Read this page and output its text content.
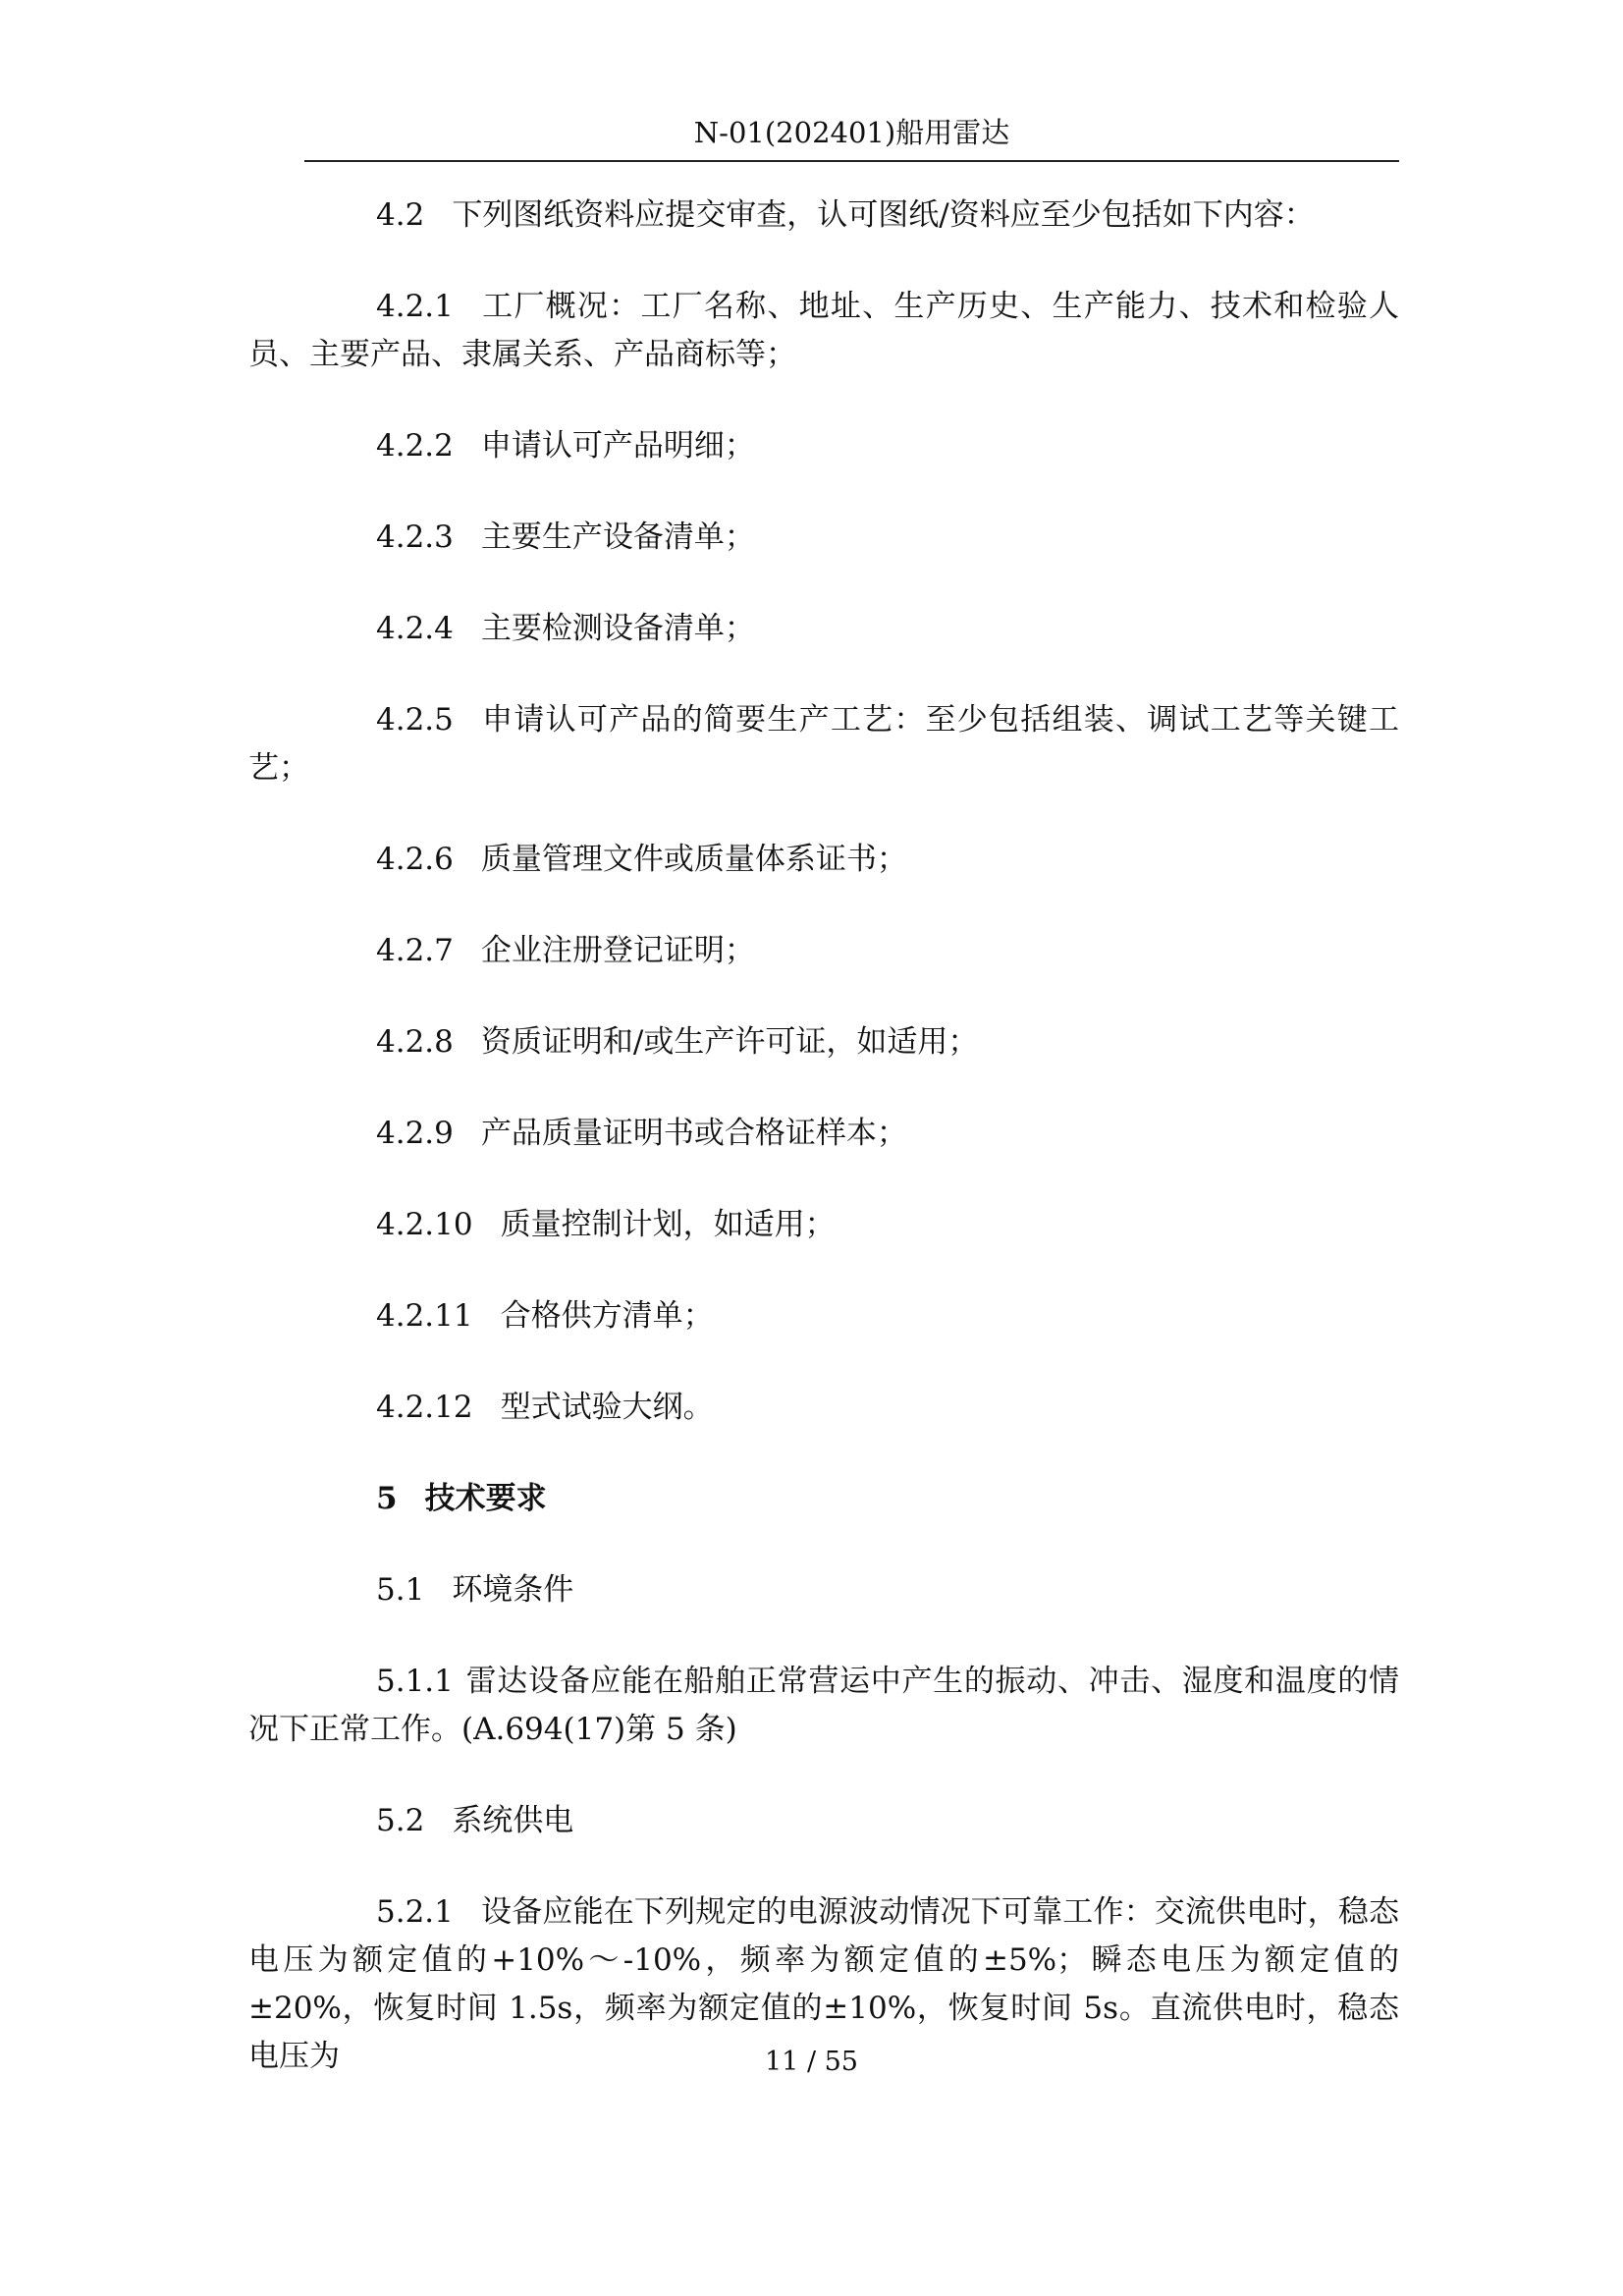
N-01(202401)船用雷达

4.2 下列图纸资料应提交审查，认可图纸/资料应至少包括如下内容：

4.2.1 工厂概况：工厂名称、地址、生产历史、生产能力、技术和检验人员、主要产品、隶属关系、产品商标等；

4.2.2 申请认可产品明细；

4.2.3 主要生产设备清单；

4.2.4 主要检测设备清单；

4.2.5 申请认可产品的简要生产工艺：至少包括组装、调试工艺等关键工艺；

4.2.6 质量管理文件或质量体系证书；

4.2.7 企业注册登记证明；

4.2.8 资质证明和/或生产许可证，如适用；

4.2.9 产品质量证明书或合格证样本；

4.2.10 质量控制计划，如适用；

4.2.11 合格供方清单；

4.2.12 型式试验大纲。

5 技术要求

5.1 环境条件

5.1.1 雷达设备应能在船舶正常营运中产生的振动、冲击、湿度和温度的情况下正常工作。(A.694(17)第 5 条)

5.2 系统供电

5.2.1 设备应能在下列规定的电源波动情况下可靠工作：交流供电时，稳态电压为额定值的+10%～-10%，频率为额定值的±5%；瞬态电压为额定值的±20%，恢复时间 1.5s，频率为额定值的±10%，恢复时间 5s。直流供电时，稳态电压为	11 / 55
